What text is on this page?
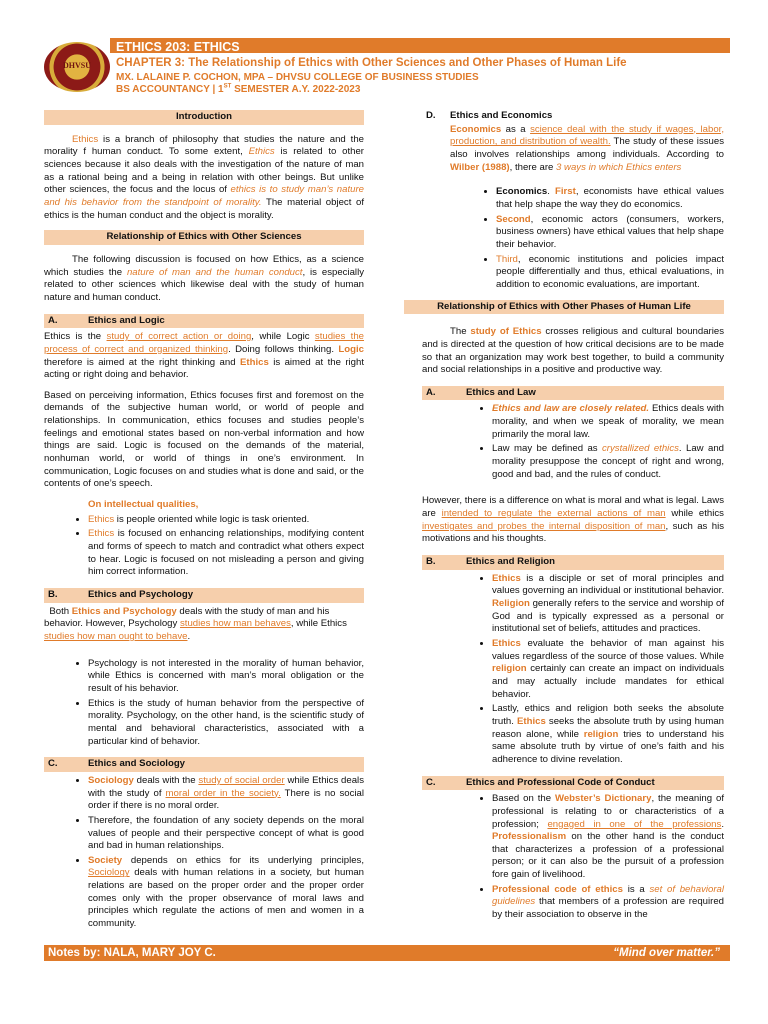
DHVSU
ETHICS 203: ETHICS
CHAPTER 3: The Relationship of Ethics with Other Sciences and Other Phases of Human Life
MX. LALAINE P. COCHON, MPA – DHVSU COLLEGE OF BUSINESS STUDIES
BS ACCOUNTANCY | 1ST SEMESTER A.Y. 2022-2023
Introduction

Ethics is a branch of philosophy that studies the nature and the morality f human conduct. To some extent, Ethics is related to other sciences because it also deals with the investigation of the nature of man as a rational being and a being in relation with other beings. But unlike other sciences, the focus and the locus of ethics is to study man’s nature and his behavior from the standpoint of morality. The material object of ethics is the human conduct and the object is morality.

Relationship of Ethics with Other Sciences

The following discussion is focused on how Ethics, as a science which studies the nature of man and the human conduct, is especially related to other sciences which likewise deal with the study of human nature and human conduct.

A.	Ethics and Logic

Ethics is the study of correct action or doing, while Logic studies the process of correct and organized thinking. Doing follows thinking. Logic therefore is aimed at the right thinking and Ethics is aimed at the right acting or right doing and behavior.

Based on perceiving information, Ethics focuses first and foremost on the demands of the subjective human world, or world of people and relationships. In communication, ethics focuses and studies people’s feelings and emotional states based on non-verbal information and how things are said. Logic is focused on the demands of the material, nonhuman world, or world of things in one’s environment. In communication, Logic focuses on and studies what is done and said, or the contents of one’s speech.

On intellectual qualities,
• Ethics is people oriented while logic is task oriented.
• Ethics is focused on enhancing relationships, modifying content and forms of speech to match and contradict what others expect to hear. Logic is focused on not misleading a person and giving him correct information.
B.	Ethics and Psychology

Both Ethics and Psychology deals with the study of man and his behavior. However, Psychology studies how man behaves, while Ethics studies how man ought to behave.

• Psychology is not interested in the morality of human behavior, while Ethics is concerned with man’s moral obligation or the result of his behavior.
• Ethics is the study of human behavior from the perspective of morality. Psychology, on the other hand, is the scientific study of mental and behavioral characteristics, associated with a particular kind of behavior.
C.	Ethics and Sociology
• Sociology deals with the study of social order while Ethics deals with the study of moral order in the society. There is no social order if there is no moral order.
• Therefore, the foundation of any society depends on the moral values of people and their perspective concept of what is good and bad in human relationships.
• Society depends on ethics for its underlying principles, Sociology deals with human relations in a society, but human relations are based on the proper order and the proper order comes only with the proper observance of moral laws and principles which regulate the actions of men and women in a community.
D. Ethics and Economics

Economics as a science deal with the study if wages, labor, production, and distribution of wealth. The study of these issues also involves relationships among individuals. According to Wilber (1988), there are 3 ways in which Ethics enters

• Economics. First, economists have ethical values that help shape the way they do economics.
• Second, economic actors (consumers, workers, business owners) have ethical values that help shape their behavior.
• Third, economic institutions and policies impact people differentially and thus, ethical evaluations, in addition to economic evaluations, are important.
Relationship of Ethics with Other Phases of Human Life

The study of Ethics crosses religious and cultural boundaries and is directed at the question of how critical decisions are to be made so that an organization may work best together, to build a community and social relationships in a positive and productive way.

A.	Ethics and Law
• Ethics and law are closely related. Ethics deals with morality, and when we speak of morality, we mean primarily the moral law.
• Law may be defined as crystallized ethics. Law and morality presuppose the concept of right and wrong, good and bad, and the rules of conduct.

However, there is a difference on what is moral and what is legal. Laws are intended to regulate the external actions of man while ethics investigates and probes the internal disposition of man, such as his motivations and his thoughts.

B.	Ethics and Religion
• Ethics is a disciple or set of moral principles and values governing an individual or institutional behavior. Religion generally refers to the service and worship of God and is typically expressed as a personal or institutional set of beliefs, attitudes and practices.
• Ethics evaluate the behavior of man against his values regardless of the source of those values. While religion certainly can create an impact on individuals and may actually include mandates for ethical behavior.
• Lastly, ethics and religion both seeks the absolute truth. Ethics seeks the absolute truth by using human reason alone, while religion tries to understand his same absolute truth by virtue of one’s faith and his adherence to divine revelation.
C.	Ethics and Professional Code of Conduct
• Based on the Webster’s Dictionary, the meaning of professional is relating to or characteristics of a profession; engaged in one of the professions. Professionalism on the other hand is the conduct that characterizes a profession of a professional person; or it can also be the pursuit of a profession fore gain of livelihood.
• Professional code of ethics is a set of behavioral guidelines that members of a profession are required by their association to observe in the
Notes by: NALA, MARY JOY C.	“Mind over matter.”
